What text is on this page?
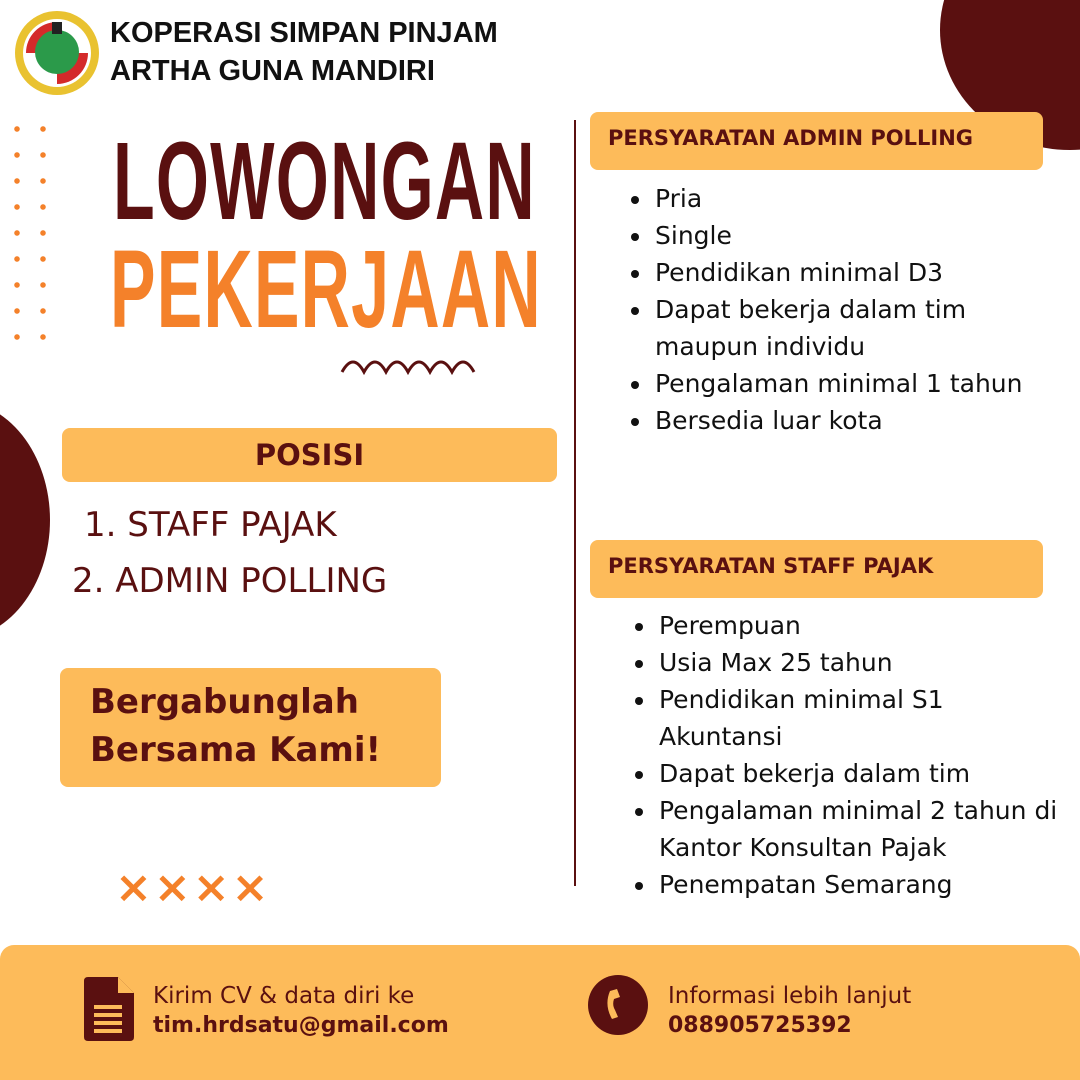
KOPERASI SIMPAN PINJAM
ARTHA GUNA MANDIRI
LOWONGAN
PEKERJAAN
POSISI
1. STAFF PAJAK
2. ADMIN POLLING
Bergabunglah
Bersama Kami!
××××
PERSYARATAN ADMIN POLLING
Pria
Single
Pendidikan minimal D3
Dapat bekerja dalam tim maupun individu
Pengalaman minimal 1 tahun
Bersedia luar kota
PERSYARATAN STAFF PAJAK
Perempuan
Usia Max 25 tahun
Pendidikan minimal S1 Akuntansi
Dapat bekerja dalam tim
Pengalaman minimal 2 tahun di Kantor Konsultan Pajak
Penempatan Semarang
Kirim CV & data diri ke
tim.hrdsatu@gmail.com
Informasi lebih lanjut
088905725392
